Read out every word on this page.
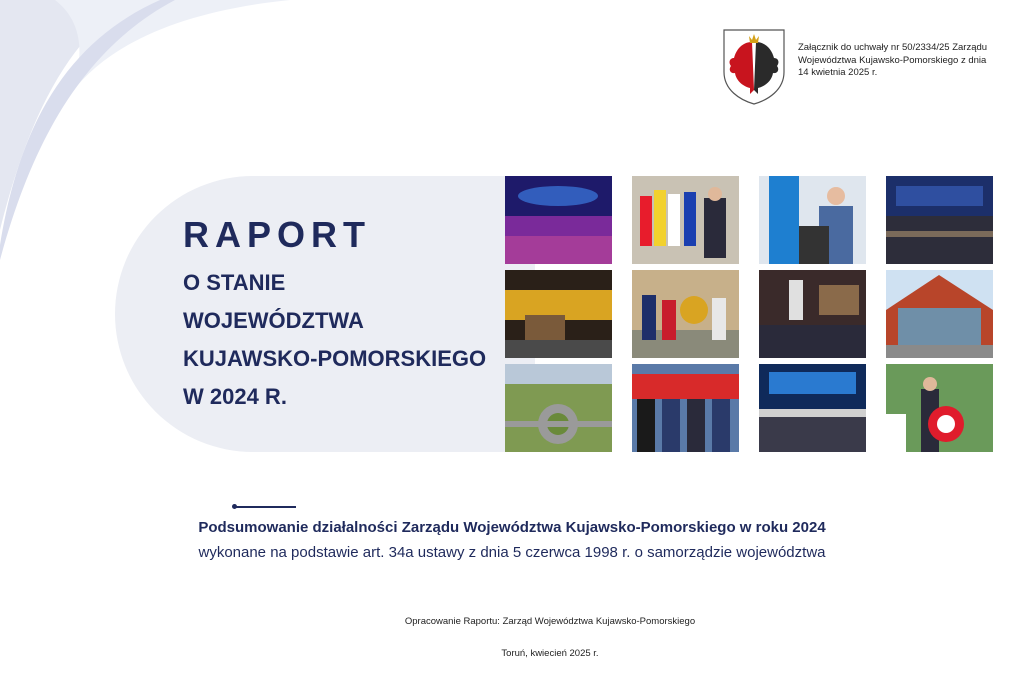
Załącznik do uchwały nr 50/2334/25 Zarządu Województwa Kujawsko-Pomorskiego z dnia 14 kwietnia 2025 r.
RAPORT
O STANIE
WOJEWÓDZTWA
KUJAWSKO-POMORSKIEGO
W 2024 R.
Podsumowanie działalności Zarządu Województwa Kujawsko-Pomorskiego w roku 2024
wykonane na podstawie art. 34a ustawy z dnia 5 czerwca 1998 r. o samorządzie województwa
Opracowanie Raportu: Zarząd Województwa Kujawsko-Pomorskiego
Toruń, kwiecień 2025 r.
